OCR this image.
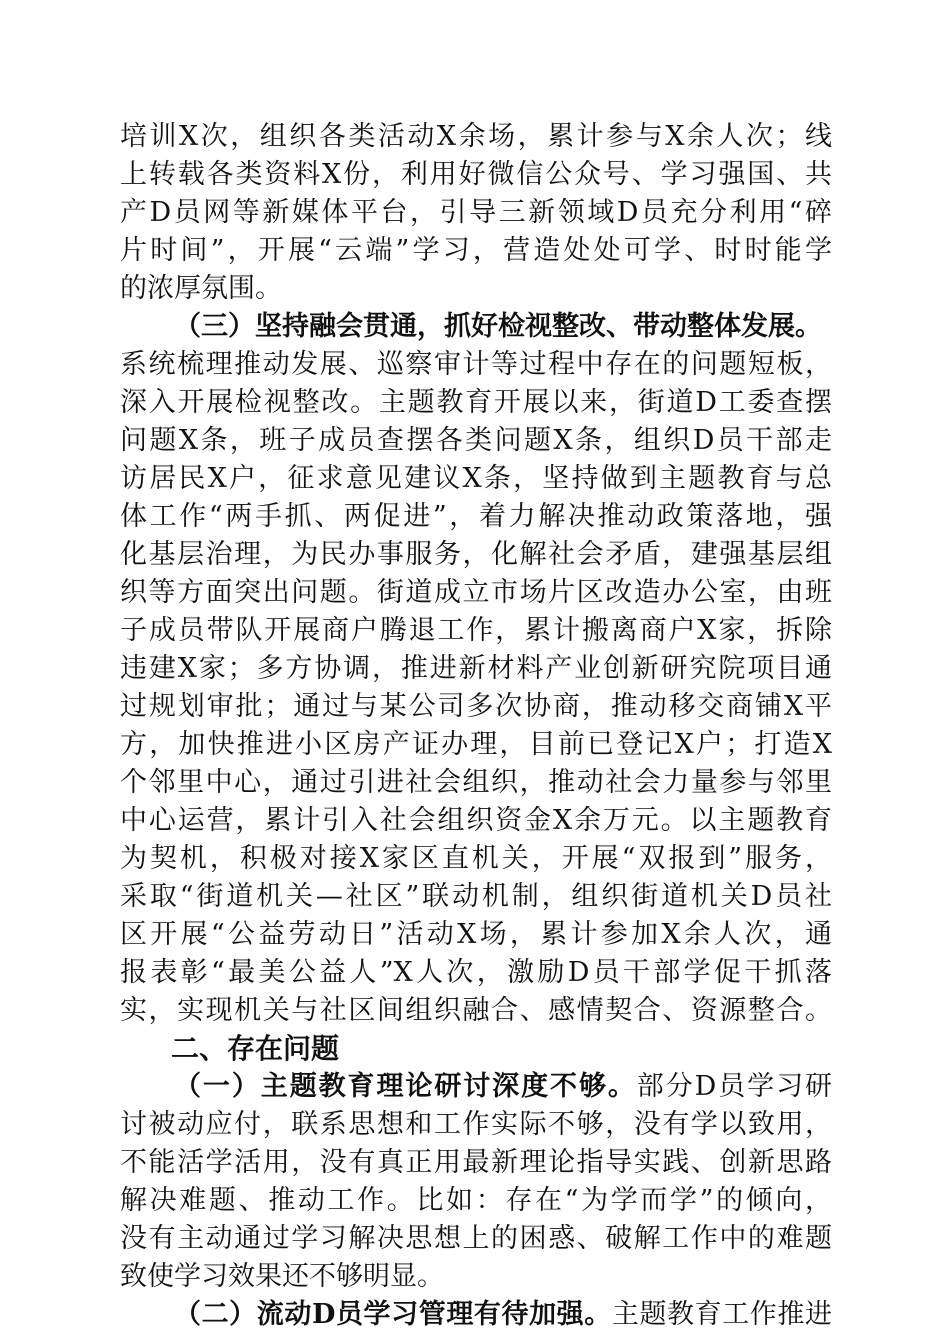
培训X次，组织各类活动X余场，累计参与X余人次；线
上转载各类资料X份，利用好微信公众号、学习强国、共
产D员网等新媒体平台，引导三新领域D员充分利用“碎
片时间”，开展“云端”学习，营造处处可学、时时能学
的浓厚氛围。
（三）坚持融会贯通，抓好检视整改、带动整体发展。
系统梳理推动发展、巡察审计等过程中存在的问题短板，
深入开展检视整改。主题教育开展以来，街道D工委查摆
问题X条，班子成员查摆各类问题X条，组织D员干部走
访居民X户，征求意见建议X条，坚持做到主题教育与总
体工作“两手抓、两促进”，着力解决推动政策落地，强
化基层治理，为民办事服务，化解社会矛盾，建强基层组
织等方面突出问题。街道成立市场片区改造办公室，由班
子成员带队开展商户腾退工作，累计搬离商户X家，拆除
违建X家；多方协调，推进新材料产业创新研究院项目通
过规划审批；通过与某公司多次协商，推动移交商铺X平
方，加快推进小区房产证办理，目前已登记X户；打造X
个邻里中心，通过引进社会组织，推动社会力量参与邻里
中心运营，累计引入社会组织资金X余万元。以主题教育
为契机，积极对接X家区直机关，开展“双报到”服务，
采取“街道机关—社区”联动机制，组织街道机关D员社
区开展“公益劳动日”活动X场，累计参加X余人次，通
报表彰“最美公益人”X人次，激励D员干部学促干抓落
实，实现机关与社区间组织融合、感情契合、资源整合。
二、存在问题
（一）主题教育理论研讨深度不够。部分D员学习研
讨被动应付，联系思想和工作实际不够，没有学以致用，
不能活学活用，没有真正用最新理论指导实践、创新思路
解决难题、推动工作。比如：存在“为学而学”的倾向，
没有主动通过学习解决思想上的困惑、破解工作中的难题
致使学习效果还不够明显。
（二）流动D员学习管理有待加强。主题教育工作推进
